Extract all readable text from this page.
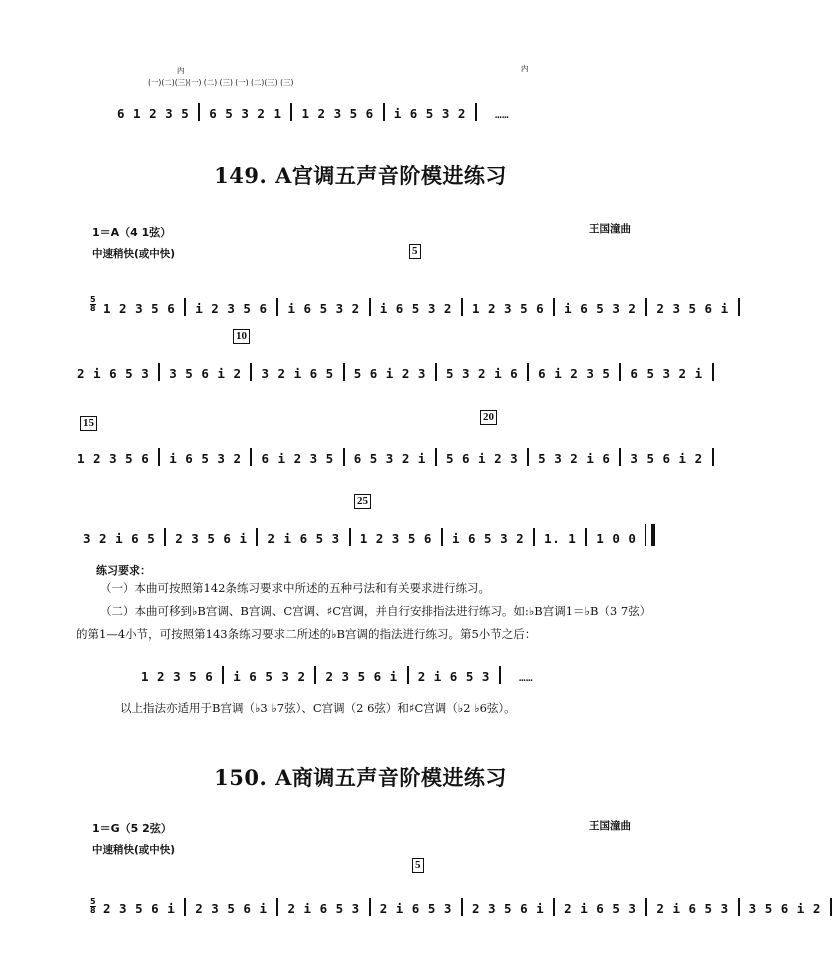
内	内
(一)(二)(三)(一) (二) (三) (一) (二)(三) (三)
6 1 2 3 5 6 5 3 2 1 1 2 3 5 6 i 6 5 3 2	……
149. A宫调五声音阶模进练习
1＝A（4 1弦）	王国潼曲
中速稍快(或中快)	5
5
8 1 2 3 5 6 i 2 3 5 6 i 6 5 3 2 i 6 5 3 2 1 2 3 5 6 i 6 5 3 2 2 3 5 6 i
10
2 i 6 5 3 3 5 6 i 2 3 2 i 6 5 5 6 i 2 3 5 3 2 i 6 6 i 2 3 5 6 5 3 2 i
15	20
1 2 3 5 6 i 6 5 3 2 6 i 2 3 5 6 5 3 2 i 5 6 i 2 3 5 3 2 i 6 3 5 6 i 2
25
3 2 i 6 5 2 3 5 6 i 2 i 6 5 3 1 2 3 5 6 i 6 5 3 2 1. 1 1 0 0
练习要求：
（一）本曲可按照第142条练习要求中所述的五种弓法和有关要求进行练习。
（二）本曲可移到♭B宫调、B宫调、C宫调、♯C宫调，并自行安排指法进行练习。如:♭B宫调1＝♭B（3 7弦）
的第1—4小节，可按照第143条练习要求二所述的♭B宫调的指法进行练习。第5小节之后：
1 2 3 5 6 i 6 5 3 2 2 3 5 6 i 2 i 6 5 3	……
以上指法亦适用于B宫调（♭3 ♭7弦）、C宫调（2 6弦）和♯C宫调（♭2 ♭6弦）。
150. A商调五声音阶模进练习
1＝G（5 2弦）	王国潼曲
中速稍快(或中快)
5
5
8 2 3 5 6 i 2 3 5 6 i 2 i 6 5 3 2 i 6 5 3 2 3 5 6 i 2 i 6 5 3 2 i 6 5 3 3 5 6 i 2
